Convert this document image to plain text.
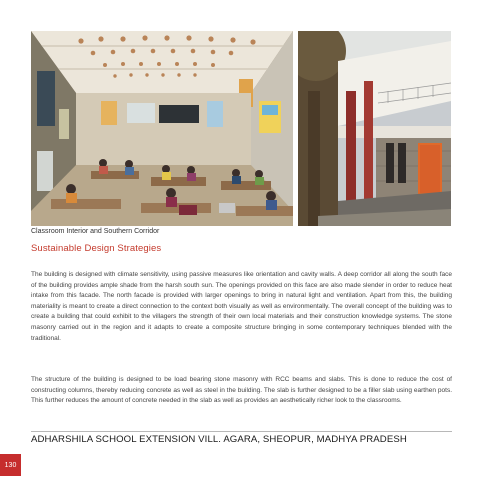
Classroom Interior and Southern Corridor
Sustainable Design Strategies

The building is designed with climate sensitivity, using passive measures like orientation and cavity walls. A deep corridor all along the south face of the building provides ample shade from the harsh south sun. The openings provided on this face are also made slender in order to reduce heat intake from this facade. The north facade is provided with larger openings to bring in natural light and ventilation. Apart from this, the building materiality is meant to create a direct connection to the context both visually as well as environmentally. The overall concept of the building was to create a building that could exhibit to the villagers the strength of their own local materials and their construction knowledge systems. The stone masonry carried out in the region and it adapts to create a composite structure bringing in some contemporary techniques blended with the traditional.

The structure of the building is designed to be load bearing stone masonry with RCC beams and slabs. This is done to reduce the cost of constructing columns, thereby reducing concrete as well as steel in the building. The slab is further designed to be a filler slab using earthen pots. This further reduces the amount of concrete needed in the slab as well as provides an aesthetically richer look to the classrooms.

ADHARSHILA SCHOOL EXTENSION VILL. AGARA, SHEOPUR, MADHYA PRADESH
130
